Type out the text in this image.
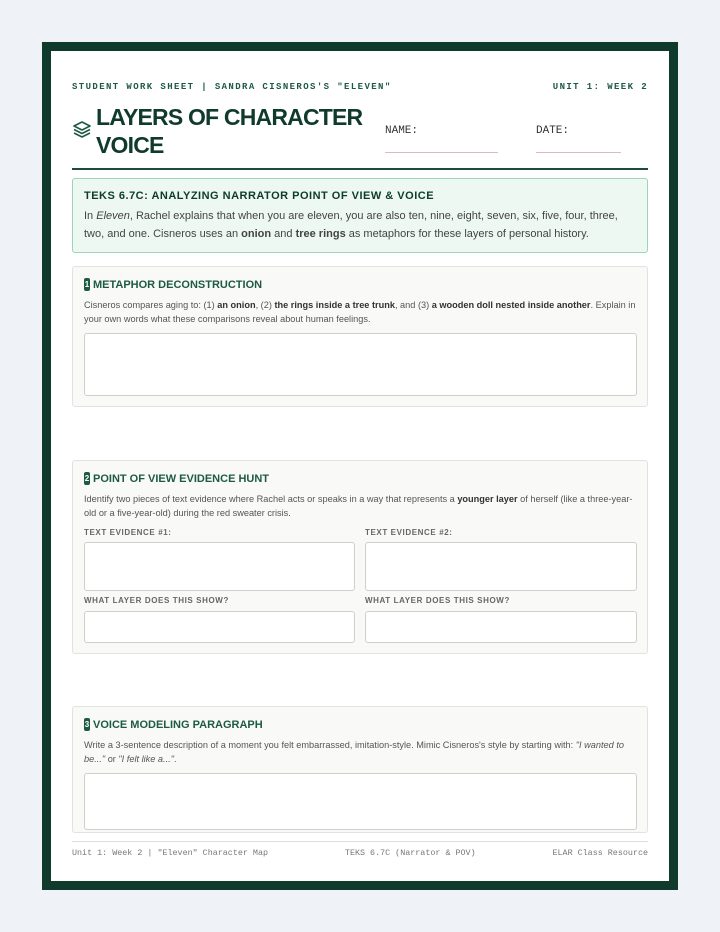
STUDENT WORK SHEET | SANDRA CISNEROS'S "ELEVEN"	UNIT 1: WEEK 2
LAYERS OF CHARACTER
VOICE
NAME:	DATE:
TEKS 6.7C: ANALYZING NARRATOR POINT OF VIEW & VOICE
In Eleven, Rachel explains that when you are eleven, you are also ten, nine, eight, seven, six, five, four, three, two, and one. Cisneros uses an onion and tree rings as metaphors for these layers of personal history.
1 METAPHOR DECONSTRUCTION
Cisneros compares aging to: (1) an onion, (2) the rings inside a tree trunk, and (3) a wooden doll nested inside another. Explain in your own words what these comparisons reveal about human feelings.
2 POINT OF VIEW EVIDENCE HUNT
Identify two pieces of text evidence where Rachel acts or speaks in a way that represents a younger layer of herself (like a three-year-old or a five-year-old) during the red sweater crisis.
TEXT EVIDENCE #1:	TEXT EVIDENCE #2:
WHAT LAYER DOES THIS SHOW?	WHAT LAYER DOES THIS SHOW?
3 VOICE MODELING PARAGRAPH
Write a 3-sentence description of a moment you felt embarrassed, imitation-style. Mimic Cisneros's style by starting with: "I wanted to be..." or "I felt like a...".
Unit 1: Week 2 | "Eleven" Character Map	TEKS 6.7C (Narrator & POV)	ELAR Class Resource
